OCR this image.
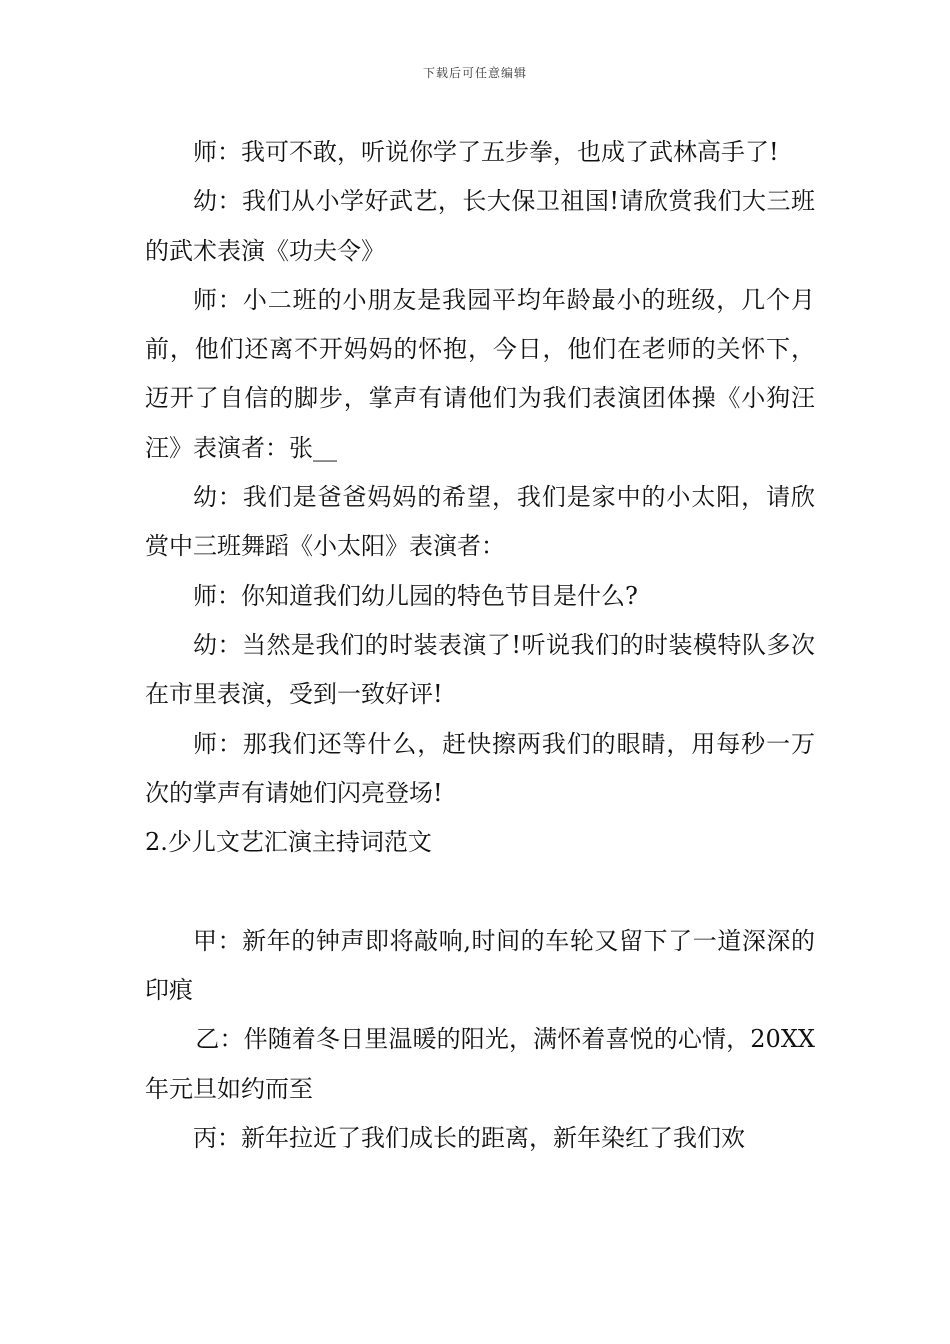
下载后可任意编辑

师：我可不敢，听说你学了五步拳，也成了武林高手了!

幼：我们从小学好武艺，长大保卫祖国!请欣赏我们大三班的武术表演《功夫令》

师：小二班的小朋友是我园平均年龄最小的班级，几个月前，他们还离不开妈妈的怀抱，今日，他们在老师的关怀下，迈开了自信的脚步，掌声有请他们为我们表演团体操《小狗汪汪》表演者：张__

幼：我们是爸爸妈妈的希望，我们是家中的小太阳，请欣赏中三班舞蹈《小太阳》表演者：

师：你知道我们幼儿园的特色节目是什么?

幼：当然是我们的时装表演了!听说我们的时装模特队多次在市里表演，受到一致好评!

师：那我们还等什么，赶快擦两我们的眼睛，用每秒一万次的掌声有请她们闪亮登场!

2.少儿文艺汇演主持词范文

甲：新年的钟声即将敲响,时间的车轮又留下了一道深深的印痕

乙：伴随着冬日里温暖的阳光，满怀着喜悦的心情，20XX年元旦如约而至

丙：新年拉近了我们成长的距离，新年染红了我们欢
